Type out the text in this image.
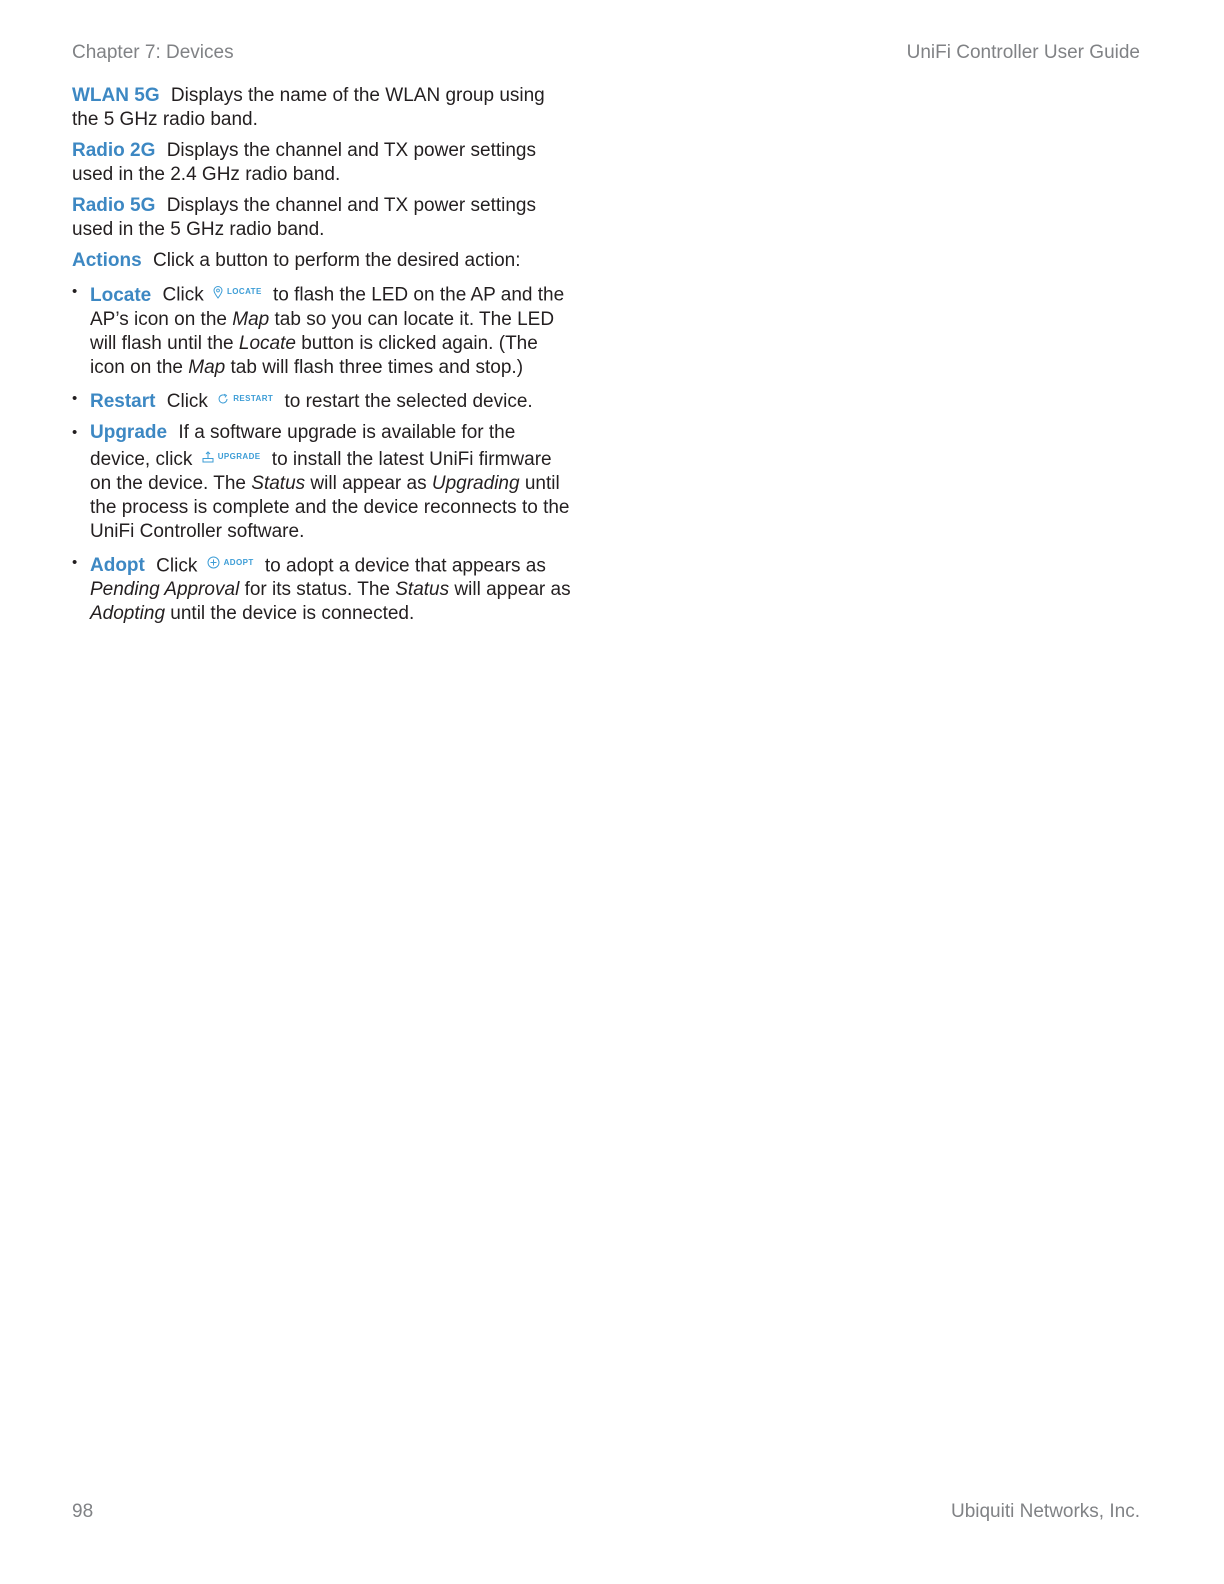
Chapter 7: Devices	UniFi Controller User Guide

WLAN 5G Displays the name of the WLAN group using the 5 GHz radio band.

Radio 2G Displays the channel and TX power settings used in the 2.4 GHz radio band.

Radio 5G Displays the channel and TX power settings used in the 5 GHz radio band.

Actions Click a button to perform the desired action:

• Locate Click	LOCATE to flash the LED on the AP and the AP’s icon on the Map tab so you can locate it. The LED will flash until the Locate button is clicked again. (The icon on the Map tab will flash three times and stop.)
• Restart Click	RESTART to restart the selected device.
• Upgrade If a software upgrade is available for the device, click	UPGRADE to install the latest UniFi firmware on the device. The Status will appear as Upgrading until the process is complete and the device reconnects to the UniFi Controller software.
• Adopt Click	ADOPT to adopt a device that appears as Pending Approval for its status. The Status will appear as Adopting until the device is connected.
98	Ubiquiti Networks, Inc.
